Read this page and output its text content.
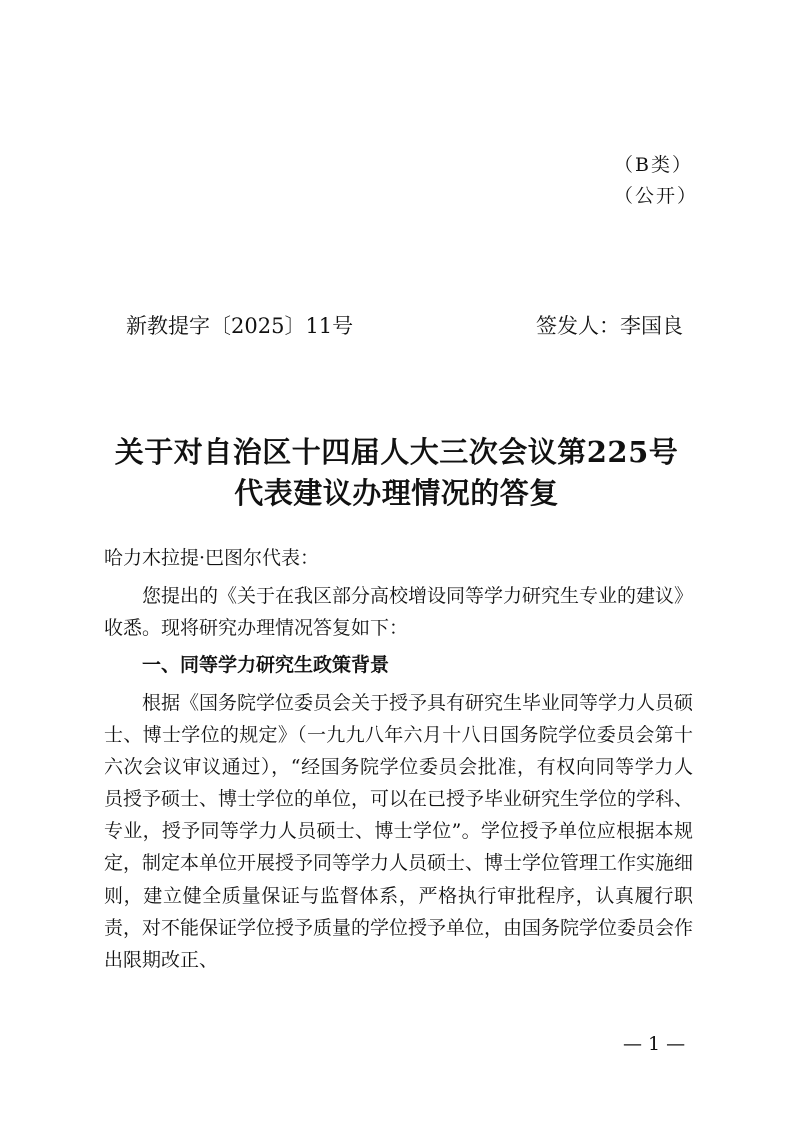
（B类）
（公开）
新教提字〔2025〕11号	签发人：李国良
关于对自治区十四届人大三次会议第225号
代表建议办理情况的答复
哈力木拉提·巴图尔代表：
您提出的《关于在我区部分高校增设同等学力研究生专业的建议》收悉。现将研究办理情况答复如下：
一、同等学力研究生政策背景
根据《国务院学位委员会关于授予具有研究生毕业同等学力人员硕士、博士学位的规定》（一九九八年六月十八日国务院学位委员会第十六次会议审议通过），“经国务院学位委员会批准，有权向同等学力人员授予硕士、博士学位的单位，可以在已授予毕业研究生学位的学科、专业，授予同等学力人员硕士、博士学位”。学位授予单位应根据本规定，制定本单位开展授予同等学力人员硕士、博士学位管理工作实施细则，建立健全质量保证与监督体系，严格执行审批程序，认真履行职责，对不能保证学位授予质量的学位授予单位，由国务院学位委员会作出限期改正、
— 1 —
